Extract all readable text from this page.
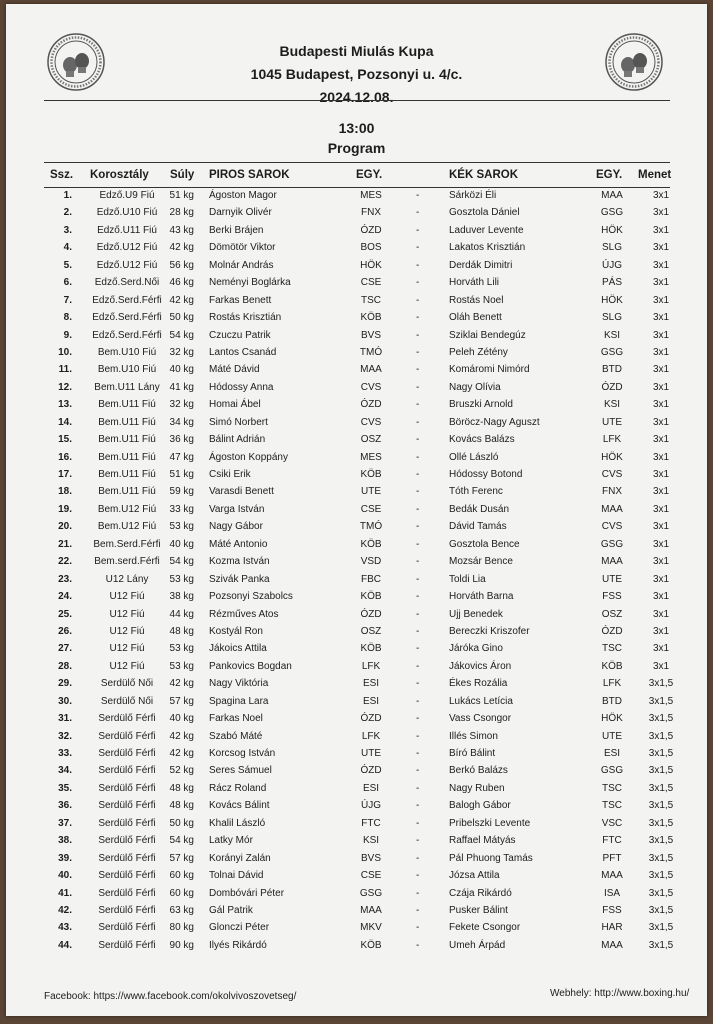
Budapesti Miulás Kupa
1045 Budapest, Pozsonyi u. 4/c.
2024.12.08.
13:00
Program
Ssz. Korosztály Súly PIROS SAROK	EGY.	KÉK SAROK	EGY. Menet
1.	Edző.U9 Fiú	51 kg Ágoston Magor	MES	-	Sárközi Éli	MAA	3x1
2.	Edző.U10 Fiú	28 kg Darnyik Olivér	FNX	-	Gosztola Dániel	GSG	3x1
3.	Edző.U11 Fiú	43 kg Berki Brájen	ÓZD	-	Laduver Levente	HÖK	3x1
4.	Edző.U12 Fiú	42 kg Dömötör Viktor	BOS	-	Lakatos Krisztián	SLG	3x1
5.	Edző.U12 Fiú	56 kg Molnár András	HÖK	-	Derdák Dimitri	ÚJG	3x1
6.	Edző.Serd.Női	46 kg Neményi Boglárka	CSE	-	Horváth Lili	PÁS	3x1
7.	Edző.Serd.Férfi 42 kg Farkas Benett	TSC	-	Rostás Noel	HÖK	3x1
8.	Edző.Serd.Férfi 50 kg Rostás Krisztián	KÖB	-	Oláh Benett	SLG	3x1
9.	Edző.Serd.Férfi 54 kg Czuczu Patrik	BVS	-	Sziklai Bendegúz	KSI	3x1
10.	Bem.U10 Fiú	32 kg Lantos Csanád	TMÓ	-	Peleh Zétény	GSG	3x1
11.	Bem.U10 Fiú	40 kg Máté Dávid	MAA	-	Komáromi Nimórd	BTD	3x1
12.	Bem.U11 Lány 41 kg Hódossy Anna	CVS	-	Nagy Olívia	ÓZD	3x1
13.	Bem.U11 Fiú	32 kg Homai Ábel	ÓZD	-	Bruszki Arnold	KSI	3x1
14.	Bem.U11 Fiú	34 kg Simó Norbert	CVS	-	Böröcz-Nagy Aguszt	UTE	3x1
15.	Bem.U11 Fiú	36 kg Bálint Adrián	OSZ	-	Kovács Balázs	LFK	3x1
16.	Bem.U11 Fiú	47 kg Ágoston Koppány	MES	-	Ollé László	HÖK	3x1
17.	Bem.U11 Fiú	51 kg Csiki Erik	KÖB	-	Hódossy Botond	CVS	3x1
18.	Bem.U11 Fiú	59 kg Varasdi Benett	UTE	-	Tóth Ferenc	FNX	3x1
19.	Bem.U12 Fiú	33 kg Varga István	CSE	-	Bedák Dusán	MAA	3x1
20.	Bem.U12 Fiú	53 kg Nagy Gábor	TMÓ	-	Dávid Tamás	CVS	3x1
21.	Bem.Serd.Férfi 40 kg Máté Antonio	KÖB	-	Gosztola Bence	GSG	3x1
22.	Bem.serd.Férfi 54 kg Kozma István	VSD	-	Mozsár Bence	MAA	3x1
23.	U12 Lány	53 kg Szivák Panka	FBC	-	Toldi Lia	UTE	3x1
24.	U12 Fiú	38 kg Pozsonyi Szabolcs	KÖB	-	Horváth Barna	FSS	3x1
25.	U12 Fiú	44 kg Rézműves Atos	ÓZD	-	Ujj Benedek	OSZ	3x1
26.	U12 Fiú	48 kg Kostyál Ron	OSZ	-	Bereczki Kriszofer	ÓZD	3x1
27.	U12 Fiú	53 kg Jákoics Attila	KÖB	-	Járóka Gino	TSC	3x1
28.	U12 Fiú	53 kg Pankovics Bogdan	LFK	-	Jákovics Áron	KÖB	3x1
29.	Serdülő Női	42 kg Nagy Viktória	ESI	-	Ékes Rozália	LFK	3x1,5
30.	Serdülő Női	57 kg Spagina Lara	ESI	-	Lukács Letícia	BTD	3x1,5
31.	Serdülő Férfi	40 kg Farkas Noel	ÓZD	-	Vass Csongor	HÖK	3x1,5
32.	Serdülő Férfi	42 kg Szabó Máté	LFK	-	Illés Simon	UTE	3x1,5
33.	Serdülő Férfi	42 kg Korcsog István	UTE	-	Bíró Bálint	ESI	3x1,5
34.	Serdülő Férfi	52 kg Seres Sámuel	ÓZD	-	Berkó Balázs	GSG	3x1,5
35.	Serdülő Férfi	48 kg Rácz Roland	ESI	-	Nagy Ruben	TSC	3x1,5
36.	Serdülő Férfi	48 kg Kovács Bálint	ÚJG	-	Balogh Gábor	TSC	3x1,5
37.	Serdülő Férfi	50 kg Khalil László	FTC	-	Pribelszki Levente	VSC	3x1,5
38.	Serdülő Férfi	54 kg Latky Mór	KSI	-	Raffael Mátyás	FTC	3x1,5
39.	Serdülő Férfi	57 kg Korányi Zalán	BVS	-	Pál Phuong Tamás	PFT	3x1,5
40.	Serdülő Férfi	60 kg Tolnai Dávid	CSE	-	Józsa Attila	MAA	3x1,5
41.	Serdülő Férfi	60 kg Dombóvári Péter	GSG	-	Czája Rikárdó	ISA	3x1,5
42.	Serdülő Férfi	63 kg Gál Patrik	MAA	-	Pusker Bálint	FSS	3x1,5
43.	Serdülő Férfi	80 kg Glonczi Péter	MKV	-	Fekete Csongor	HAR	3x1,5
44.	Serdülő Férfi	90 kg Ilyés Rikárdó	KÖB	-	Umeh Árpád	MAA	3x1,5
Facebook: https://www.facebook.com/okolvivoszovetseg/	Webhely: http://www.boxing.hu/
